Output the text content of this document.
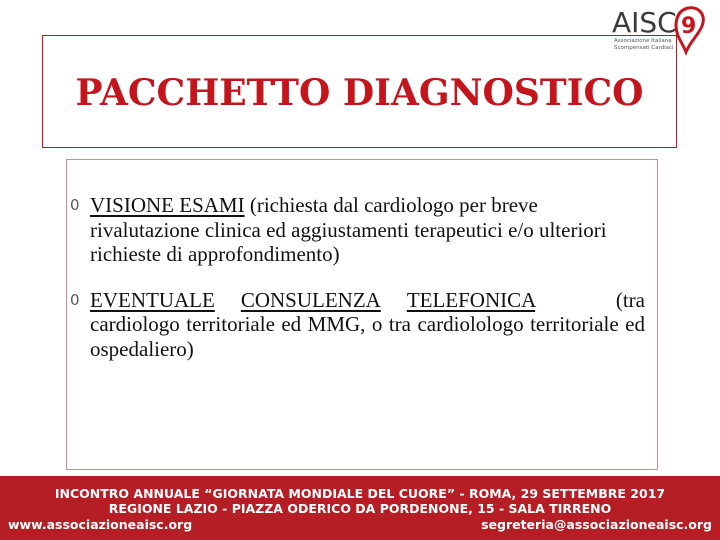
AISC 9
Associazione Italiana
Scompensati Cardiaci
PACCHETTO DIAGNOSTICO
0 VISIONE ESAMI (richiesta dal cardiologo per breve rivalutazione clinica ed aggiustamenti terapeutici e/o ulteriori richieste di approfondimento)
0 EVENTUALE CONSULENZA TELEFONICA (tra cardiologo territoriale ed MMG, o tra cardiolologo territoriale ed ospedaliero)
INCONTRO ANNUALE “GIORNATA MONDIALE DEL CUORE” - ROMA, 29 SETTEMBRE 2017
REGIONE LAZIO - PIAZZA ODERICO DA PORDENONE, 15 - SALA TIRRENO
www.associazioneaisc.org	segreteria@associazioneaisc.org
